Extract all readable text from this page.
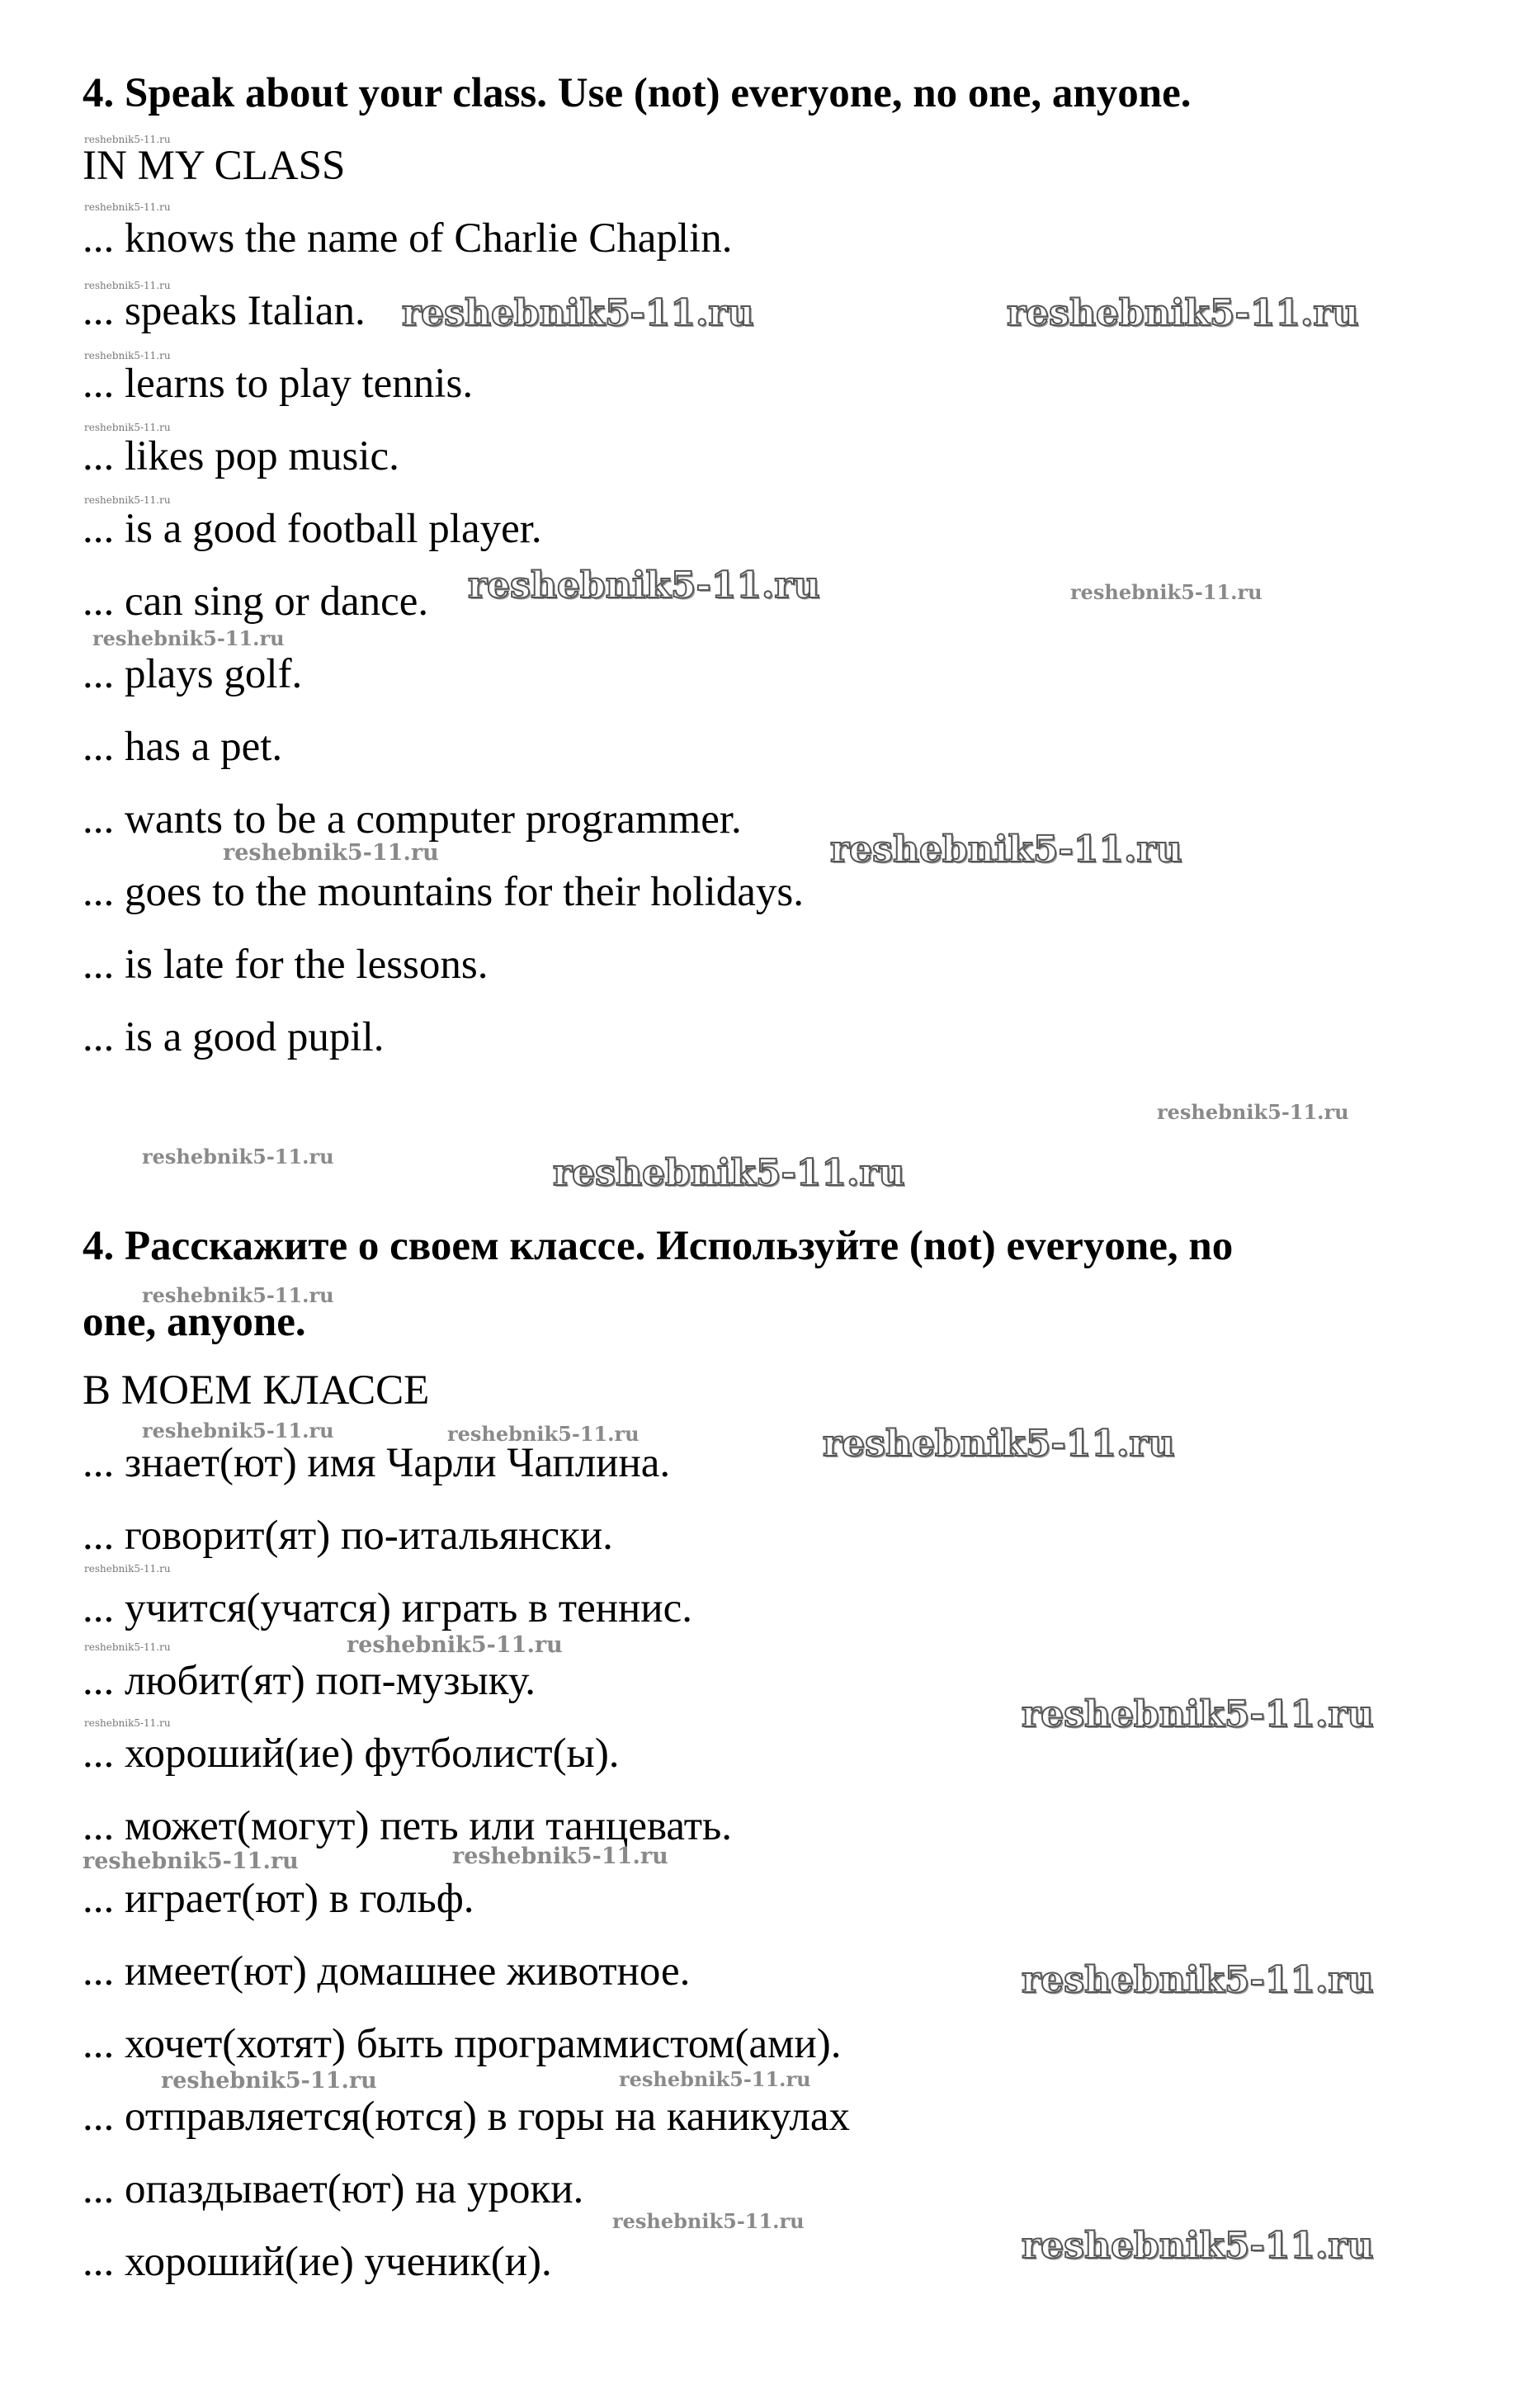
4. Speak about your class. Use (not) everyone, no one, anyone.
IN MY CLASS
... knows the name of Charlie Chaplin.
... speaks Italian.
... learns to play tennis.
... likes pop music.
... is a good football player.
... can sing or dance.
... plays golf.
... has a pet.
... wants to be a computer programmer.
... goes to the mountains for their holidays.
... is late for the lessons.
... is a good pupil.
4. Расскажите о своем классе. Используйте (not) everyone, no
one, anyone.
В МОЕМ КЛАССЕ
... знает(ют) имя Чарли Чаплина.
... говорит(ят) по-итальянски.
... учится(учатся) играть в теннис.
... любит(ят) поп-музыку.
... хороший(ие) футболист(ы).
... может(могут) петь или танцевать.
... играет(ют) в гольф.
... имеет(ют) домашнее животное.
... хочет(хотят) быть программистом(ами).
... отправляется(ются) в горы на каникулах
... опаздывает(ют) на уроки.
... хороший(ие) ученик(и).
reshebnik5-11.ru
reshebnik5-11.ru
reshebnik5-11.ru
reshebnik5-11.ru
reshebnik5-11.ru
reshebnik5-11.ru
reshebnik5-11.ru	reshebnik5-11.ru
reshebnik5-11.ru	reshebnik5-11.ru
reshebnik5-11.ru
reshebnik5-11.ru	reshebnik5-11.ru
reshebnik5-11.ru
reshebnik5-11.ru	reshebnik5-11.ru
reshebnik5-11.ru
reshebnik5-11.ru	reshebnik5-11.ru	reshebnik5-11.ru
reshebnik5-11.ru
reshebnik5-11.ru	reshebnik5-11.ru
reshebnik5-11.ru	reshebnik5-11.ru
reshebnik5-11.ru	reshebnik5-11.ru
reshebnik5-11.ru
reshebnik5-11.ru	reshebnik5-11.ru
reshebnik5-11.ru
reshebnik5-11.ru
